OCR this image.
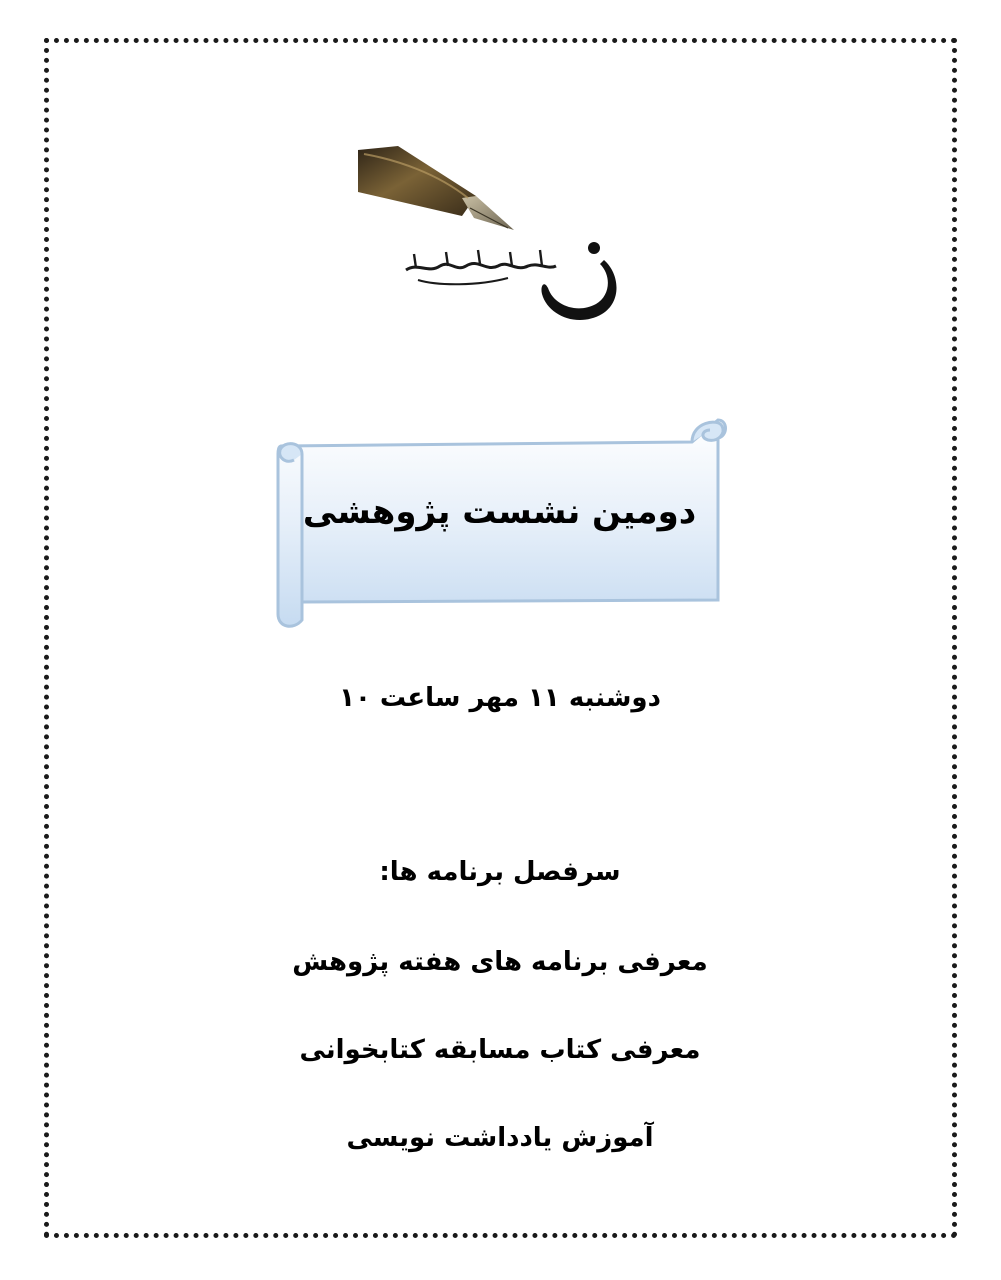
دومین نشست پژوهشی
دوشنبه ۱۱ مهر ساعت ۱۰
سرفصل برنامه ها:
معرفی برنامه های هفته پژوهش
معرفی کتاب مسابقه کتابخوانی
آموزش یادداشت نویسی
